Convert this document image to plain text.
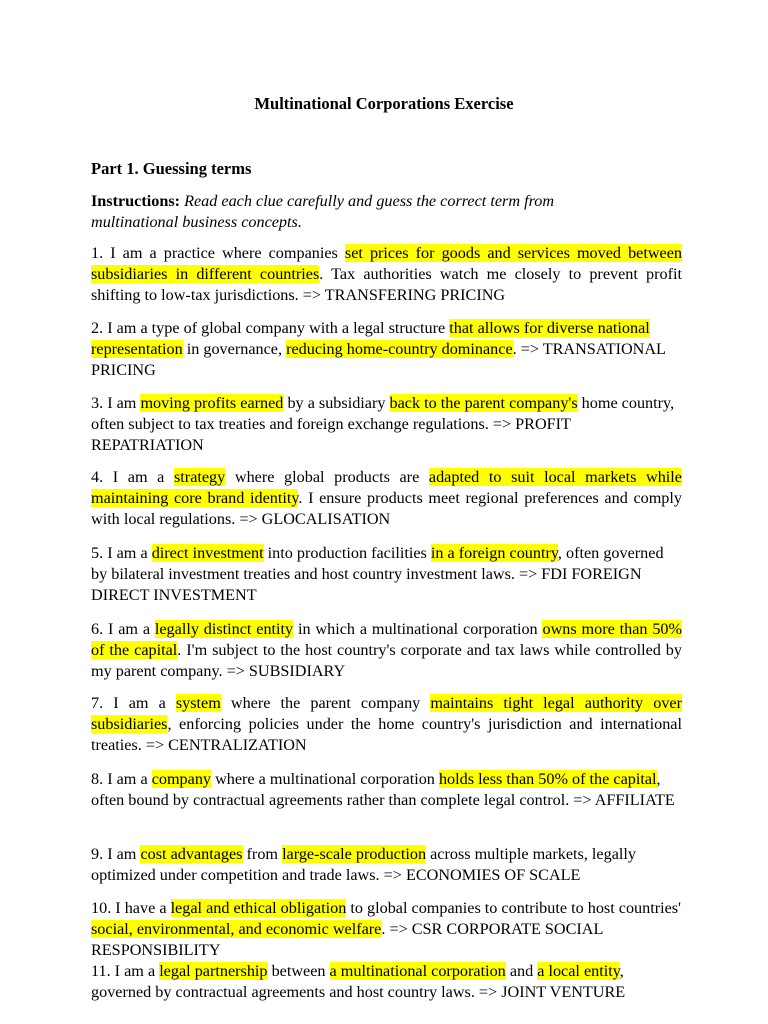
Multinational Corporations Exercise
Part 1. Guessing terms
Instructions: Read each clue carefully and guess the correct term from multinational business concepts.

1. I am a practice where companies set prices for goods and services moved between subsidiaries in different countries. Tax authorities watch me closely to prevent profit shifting to low-tax jurisdictions. => TRANSFERING PRICING

2. I am a type of global company with a legal structure that allows for diverse national representation in governance, reducing home-country dominance. => TRANSATIONAL PRICING

3. I am moving profits earned by a subsidiary back to the parent company's home country, often subject to tax treaties and foreign exchange regulations. => PROFIT REPATRIATION

4. I am a strategy where global products are adapted to suit local markets while maintaining core brand identity. I ensure products meet regional preferences and comply with local regulations. => GLOCALISATION

5. I am a direct investment into production facilities in a foreign country, often governed by bilateral investment treaties and host country investment laws. => FDI FOREIGN DIRECT INVESTMENT

6. I am a legally distinct entity in which a multinational corporation owns more than 50% of the capital. I'm subject to the host country's corporate and tax laws while controlled by my parent company. => SUBSIDIARY

7. I am a system where the parent company maintains tight legal authority over subsidiaries, enforcing policies under the home country's jurisdiction and international treaties. => CENTRALIZATION

8. I am a company where a multinational corporation holds less than 50% of the capital, often bound by contractual agreements rather than complete legal control. => AFFILIATE

9. I am cost advantages from large-scale production across multiple markets, legally optimized under competition and trade laws. => ECONOMIES OF SCALE

10. I have a legal and ethical obligation to global companies to contribute to host countries' social, environmental, and economic welfare. => CSR CORPORATE SOCIAL RESPONSIBILITY

11. I am a legal partnership between a multinational corporation and a local entity, governed by contractual agreements and host country laws. => JOINT VENTURE
